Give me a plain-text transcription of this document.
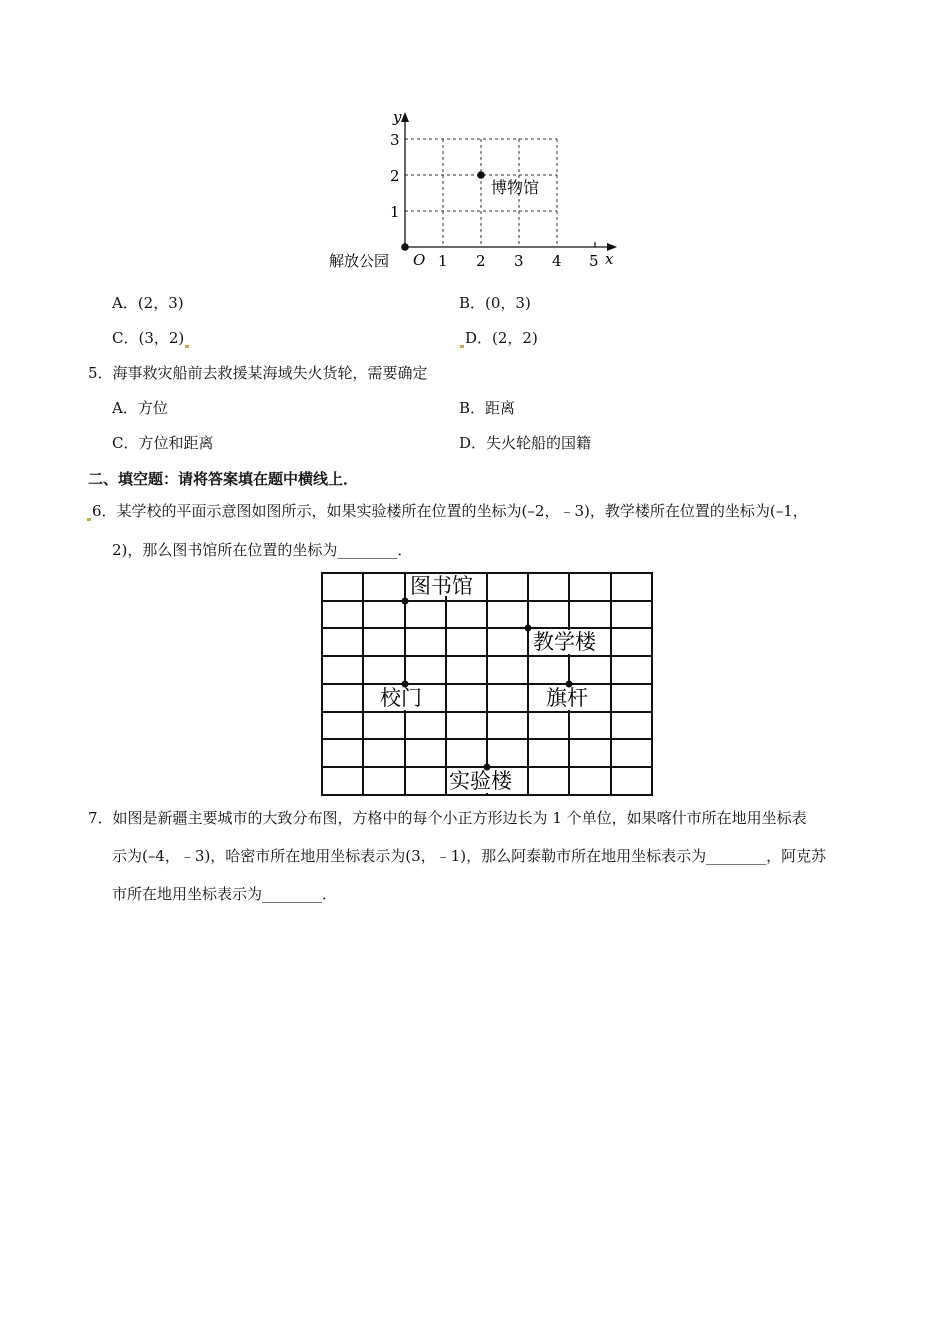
y
x
O 1 2 3 4 5
1
2
3
博物馆
解放公园
A．(2，3)	B．(0，3)
C．(3，2)	D．(2，2)
5．海事救灾船前去救援某海域失火货轮，需要确定
A．方位	B．距离
C．方位和距离	D．失火轮船的国籍
二、填空题：请将答案填在题中横线上．
6．某学校的平面示意图如图所示，如果实验楼所在位置的坐标为(–2，﹣3)，教学楼所在位置的坐标为(–1，
2)，那么图书馆所在位置的坐标为________．
图书馆
教学楼
校门	旗杆
实验楼
7．如图是新疆主要城市的大致分布图，方格中的每个小正方形边长为 1 个单位，如果喀什市所在地用坐标表
示为(–4，﹣3)，哈密市所在地用坐标表示为(3，﹣1)，那么阿泰勒市所在地用坐标表示为________，阿克苏
市所在地用坐标表示为________．
